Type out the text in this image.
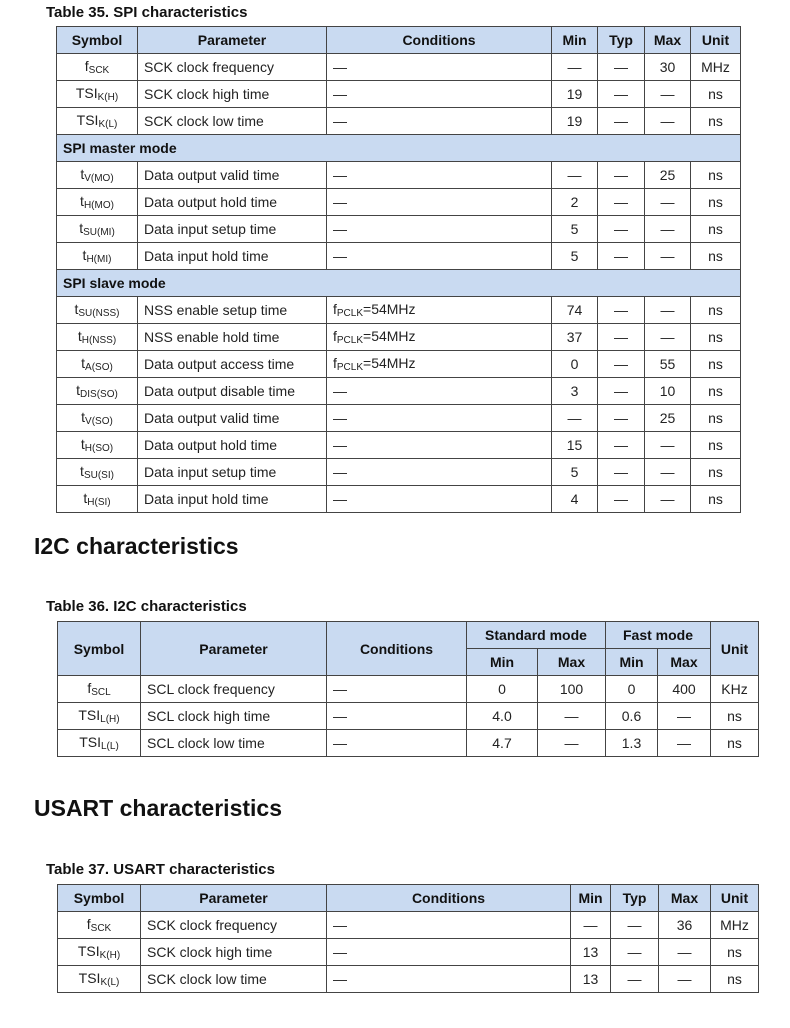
Table 35. SPI characteristics
Symbol	Parameter	Conditions	Min	Typ	Max	Unit
$f_{SCK}$	SCK clock frequency	—	—	—	30	MHz
$TSI_{K(H)}$	SCK clock high time	—	19	—	—	ns
$TSI_{K(L)}$	SCK clock low time	—	19	—	—	ns
SPI master mode						
$t_{V(MO)}$	Data output valid time	—	—	—	25	ns
$t_{H(MO)}$	Data output hold time	—	2	—	—	ns
$t_{SU(MI)}$	Data input setup time	—	5	—	—	ns
$t_{H(MI)}$	Data input hold time	—	5	—	—	ns
SPI slave mode						
$t_{SU(NSS)}$	NSS enable setup time	$f_{PCLK}=54MHz$	74	—	—	ns
$t_{H(NSS)}$	NSS enable hold time	$f_{PCLK}=54MHz$	37	—	—	ns
$t_{A(SO)}$	Data output access time	$f_{PCLK}=54MHz$	0	—	55	ns
$t_{DIS(SO)}$	Data output disable time	—	3	—	10	ns
$t_{V(SO)}$	Data output valid time	—	—	—	25	ns
$t_{H(SO)}$	Data output hold time	—	15	—	—	ns
$t_{SU(SI)}$	Data input setup time	—	5	—	—	ns
$t_{H(SI)}$	Data input hold time	—	4	—	—	ns
I2C characteristics
Table 36. I2C characteristics
Symbol	Parameter	Conditions	Standard mode		Fast mode		Unit
			Min	Max	Min	Max	
$f_{SCL}$	SCL clock frequency	—	0	100	0	400	KHz
$TSI_{L(H)}$	SCL clock high time	—	4.0	—	0.6	—	ns
$TSI_{L(L)}$	SCL clock low time	—	4.7	—	1.3	—	ns
USART characteristics
Table 37. USART characteristics
Symbol	Parameter	Conditions	Min	Typ	Max	Unit
$f_{SCK}$	SCK clock frequency	—	—	—	36	MHz
$TSI_{K(H)}$	SCK clock high time	—	13	—	—	ns
$TSI_{K(L)}$	SCK clock low time	—	13	—	—	ns
